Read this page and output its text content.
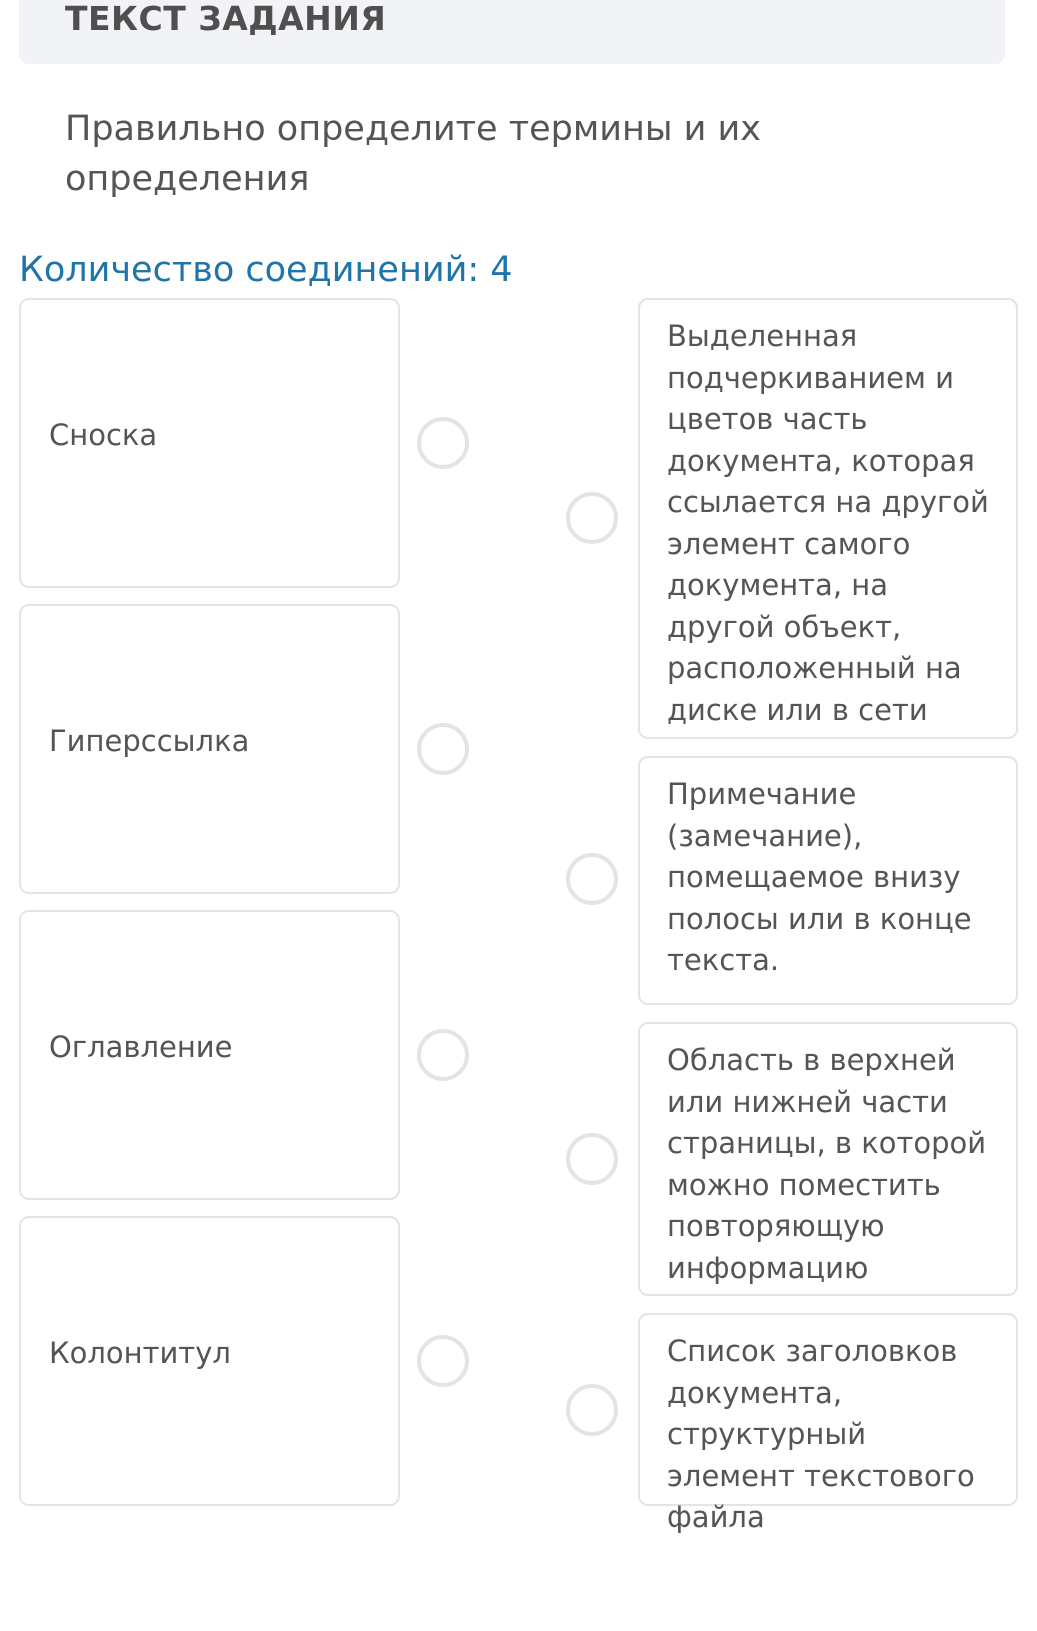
ТЕКСТ ЗАДАНИЯ
Правильно определите термины и их определения
Количество соединений: 4
Сноска
Гиперссылка
Оглавление
Колонтитул
Выделенная подчеркиванием и цветов часть документа, которая ссылается на другой элемент самого документа, на другой объект, расположенный на диске или в сети
Примечание (замечание), помещаемое внизу полосы или в конце текста.
Область в верхней или нижней части страницы, в которой можно поместить повторяющую информацию
Список заголовков документа, структурный элемент текстового файла
